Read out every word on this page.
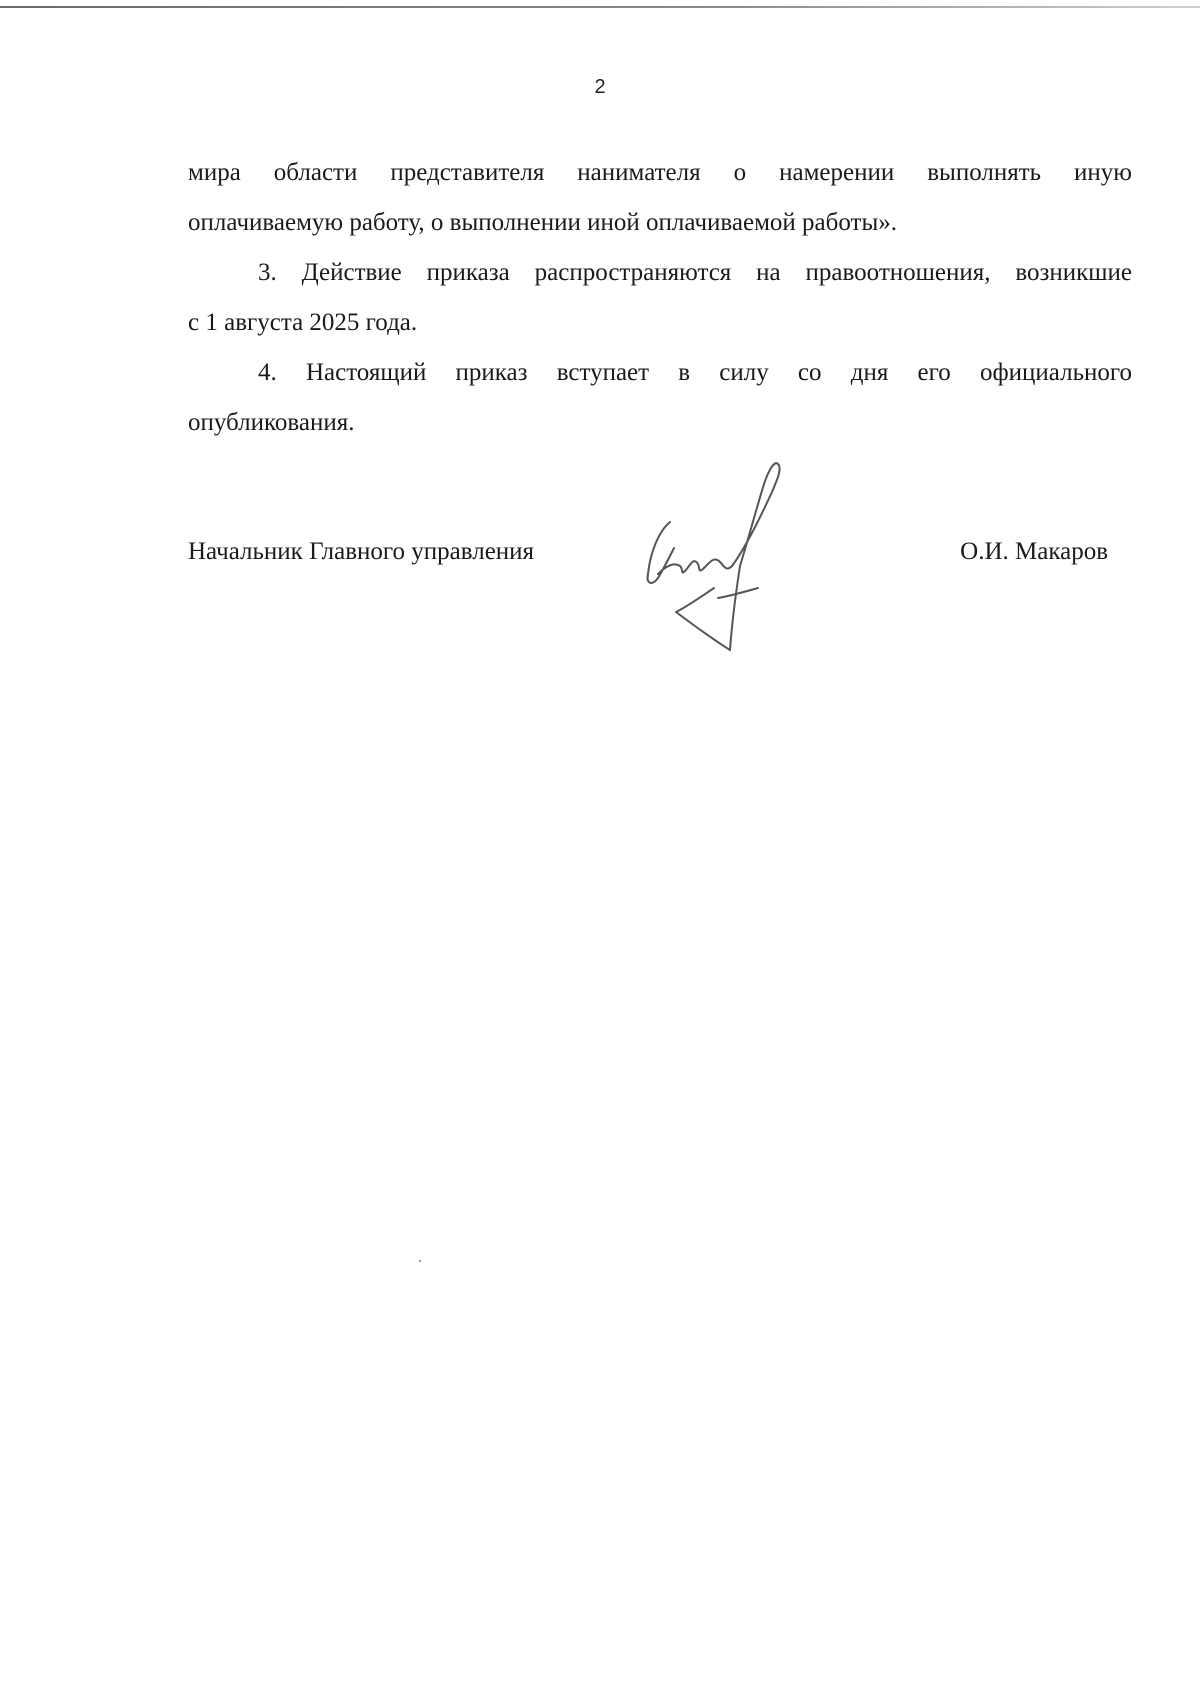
2

мира области представителя нанимателя о намерении выполнять иную

оплачиваемую работу, о выполнении иной оплачиваемой работы».

3. Действие приказа распространяются на правоотношения, возникшие

с 1 августа 2025 года.

4. Настоящий приказ вступает в силу со дня его официального

опубликования.

Начальник Главного управления	О.И. Макаров
